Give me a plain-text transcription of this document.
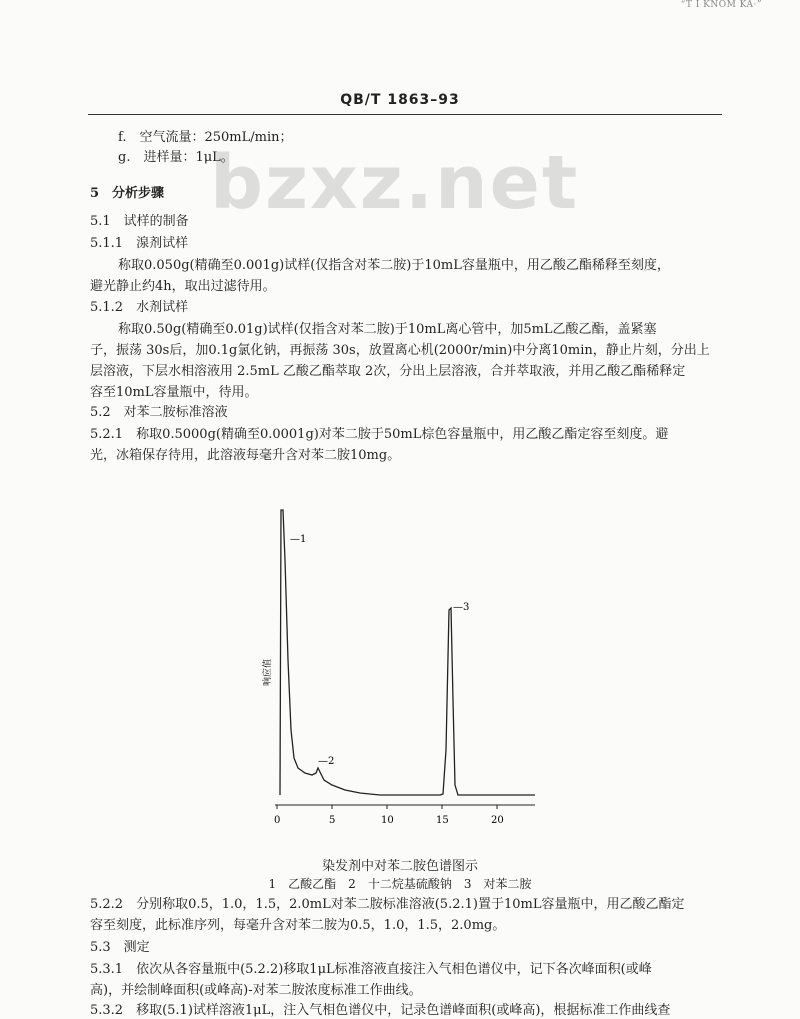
“T I KNOM KA·”
QB/T 1863–93
bzxz.net
f.　空气流量：250mL/min；
g.　进样量：1μL。
5　分析步骤
5.1　试样的制备
5.1.1　湶剂试样
称取0.050g(精确至0.001g)试样(仅指含对苯二胺)于10mL容量瓶中，用乙酸乙酯稀释至刻度，
避光静止约4h，取出过滤待用。
5.1.2　水剂试样
称取0.50g(精确至0.01g)试样(仅指含对苯二胺)于10mL离心管中，加5mL乙酸乙酯，盖紧塞
子，振荡 30s后，加0.1g氯化钠，再振荡 30s，放置离心机(2000r/min)中分离10min，静止片刻，分出上
层溶液，下层水相溶液用 2.5mL 乙酸乙酯萃取 2次，分出上层溶液，合并萃取液，并用乙酸乙酯稀释定
容至10mL容量瓶中，待用。
5.2　对苯二胺标准溶液
5.2.1　称取0.5000g(精确至0.0001g)对苯二胺于50mL棕色容量瓶中，用乙酸乙酯定容至刻度。避
光，冰箱保存待用，此溶液每毫升含对苯二胺10mg。
5.2.2　分别称取0.5，1.0，1.5，2.0mL对苯二胺标准溶液(5.2.1)置于10mL容量瓶中，用乙酸乙酯定
容至刻度，此标准序列，每毫升含对苯二胺为0.5，1.0，1.5，2.0mg。
5.3　测定
5.3.1　依次从各容量瓶中(5.2.2)移取1μL标准溶液直接注入气相色谱仪中，记下各次峰面积(或峰
高)，并绘制峰面积(或峰高)-对苯二胺浓度标准工作曲线。
5.3.2　移取(5.1)试样溶液1μL，注入气相色谱仪中，记录色谱峰面积(或峰高)，根据标准工作曲线查
0	5	10	15	20
—1
—2
—3
响应值
染发剂中对苯二胺色谱图示
1　乙酸乙酯　2　十二烷基硫酸钠　3　对苯二胺
